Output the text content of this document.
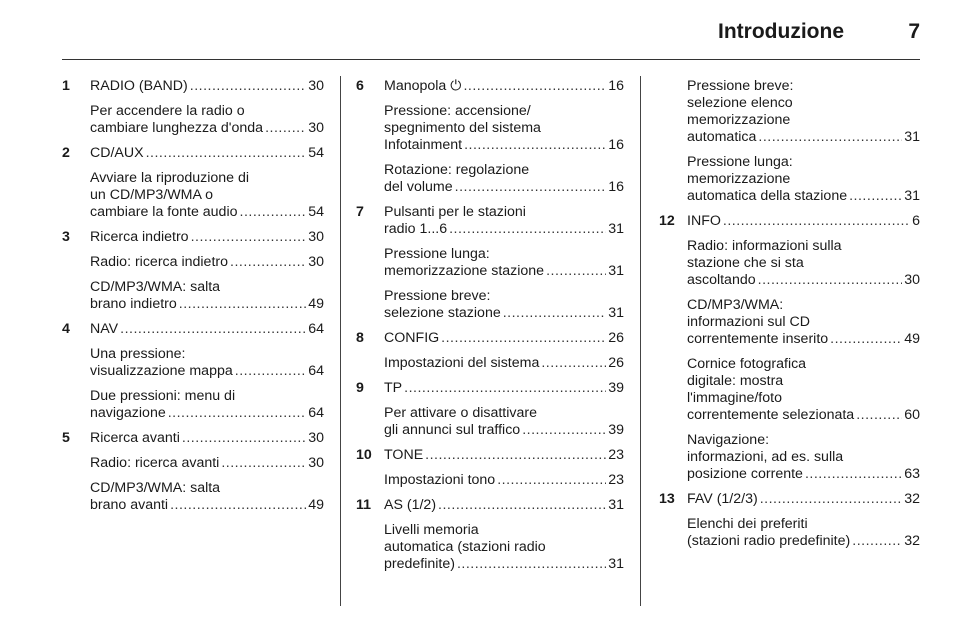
Introduzione	7
1 RADIO (BAND) .....	30
Per accendere la radio o
cambiare lunghezza d'onda .....	30
2 CD/AUX .....	54
Avviare la riproduzione di
un CD/MP3/WMA o
cambiare la fonte audio .....	54
3 Ricerca indietro .....	30
Radio: ricerca indietro .....	30
CD/MP3/WMA: salta
brano indietro .....	49
4 NAV .....	64
Una pressione:
visualizzazione mappa .....	64
Due pressioni: menu di
navigazione .....	64
5 Ricerca avanti .....	30
Radio: ricerca avanti .....	30
CD/MP3/WMA: salta
brano avanti .....	49
6 Manopola ⏻ .....	16
Pressione: accensione/
spegnimento del sistema
Infotainment .....	16
Rotazione: regolazione
del volume .....	16
7 Pulsanti per le stazioni
radio 1...6 .....	31
Pressione lunga:
memorizzazione stazione .....	31
Pressione breve:
selezione stazione .....	31
8 CONFIG .....	26
Impostazioni del sistema .....	26
9 TP .....	39
Per attivare o disattivare
gli annunci sul traffico .....	39
10 TONE .....	23
Impostazioni tono .....	23
11 AS (1/2) .....	31
Livelli memoria
automatica (stazioni radio
predefinite) .....	31
Pressione breve:
selezione elenco
memorizzazione
automatica .....	31
Pressione lunga:
memorizzazione
automatica della stazione .....	31
12 INFO .....	6
Radio: informazioni sulla
stazione che si sta
ascoltando .....	30
CD/MP3/WMA:
informazioni sul CD
correntemente inserito .....	49
Cornice fotografica
digitale: mostra
l'immagine/foto
correntemente selezionata .....	60
Navigazione:
informazioni, ad es. sulla
posizione corrente .....	63
13 FAV (1/2/3) .....	32
Elenchi dei preferiti
(stazioni radio predefinite) .....	32
